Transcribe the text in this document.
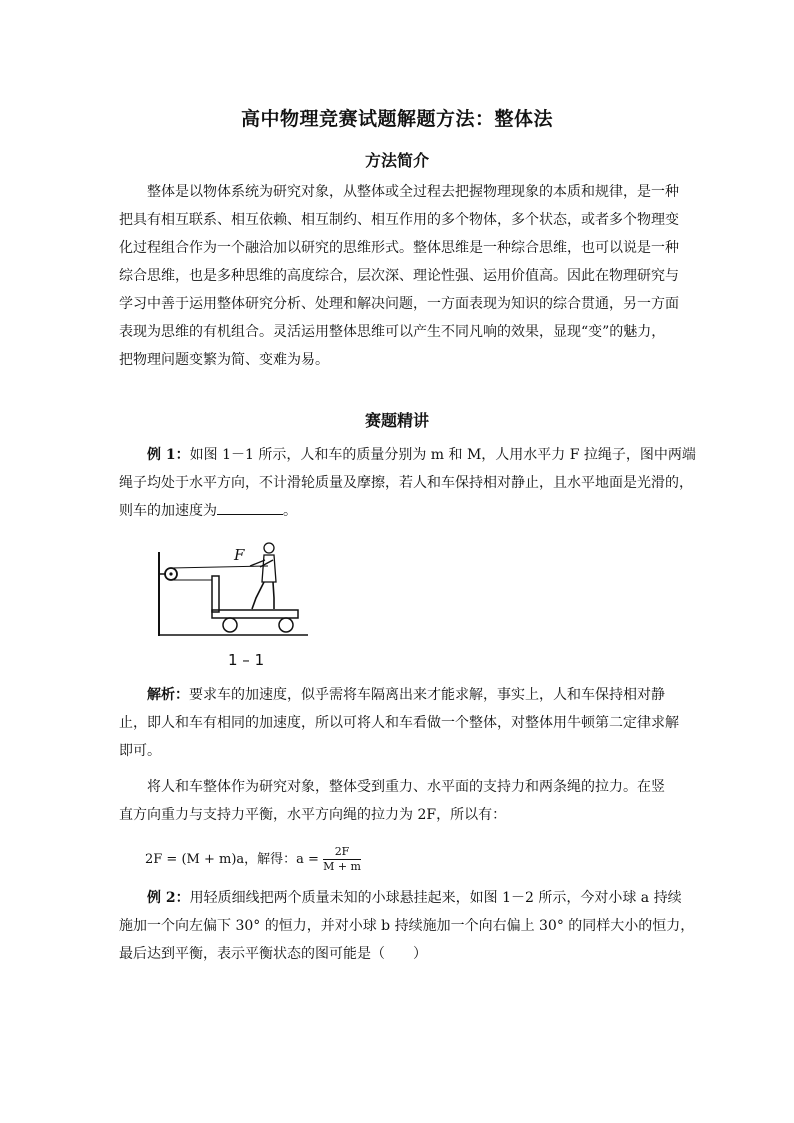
高中物理竞赛试题解题方法：整体法
方法简介
整体是以物体系统为研究对象，从整体或全过程去把握物理现象的本质和规律，是一种
把具有相互联系、相互依赖、相互制约、相互作用的多个物体，多个状态，或者多个物理变
化过程组合作为一个融洽加以研究的思维形式。整体思维是一种综合思维，也可以说是一种
综合思维，也是多种思维的高度综合，层次深、理论性强、运用价值高。因此在物理研究与
学习中善于运用整体研究分析、处理和解决问题，一方面表现为知识的综合贯通，另一方面
表现为思维的有机组合。灵活运用整体思维可以产生不同凡响的效果，显现“变”的魅力，
把物理问题变繁为简、变难为易。
赛题精讲
例 1：如图 1－1 所示，人和车的质量分别为 m 和 M，人用水平力 F 拉绳子，图中两端
绳子均处于水平方向，不计滑轮质量及摩擦，若人和车保持相对静止，且水平地面是光滑的，
则车的加速度为	。
F
1 – 1
解析：要求车的加速度，似乎需将车隔离出来才能求解，事实上，人和车保持相对静
止，即人和车有相同的加速度，所以可将人和车看做一个整体，对整体用牛顿第二定律求解
即可。
将人和车整体作为研究对象，整体受到重力、水平面的支持力和两条绳的拉力。在竖
直方向重力与支持力平衡，水平方向绳的拉力为 2F，所以有：
2F = (M + m)a，解得：$a = \frac{2F}{M + m}$
例 2：用轻质细线把两个质量未知的小球悬挂起来，如图 1－2 所示，今对小球 a 持续
施加一个向左偏下 30° 的恒力，并对小球 b 持续施加一个向右偏上 30° 的同样大小的恒力，
最后达到平衡，表示平衡状态的图可能是（　　）
